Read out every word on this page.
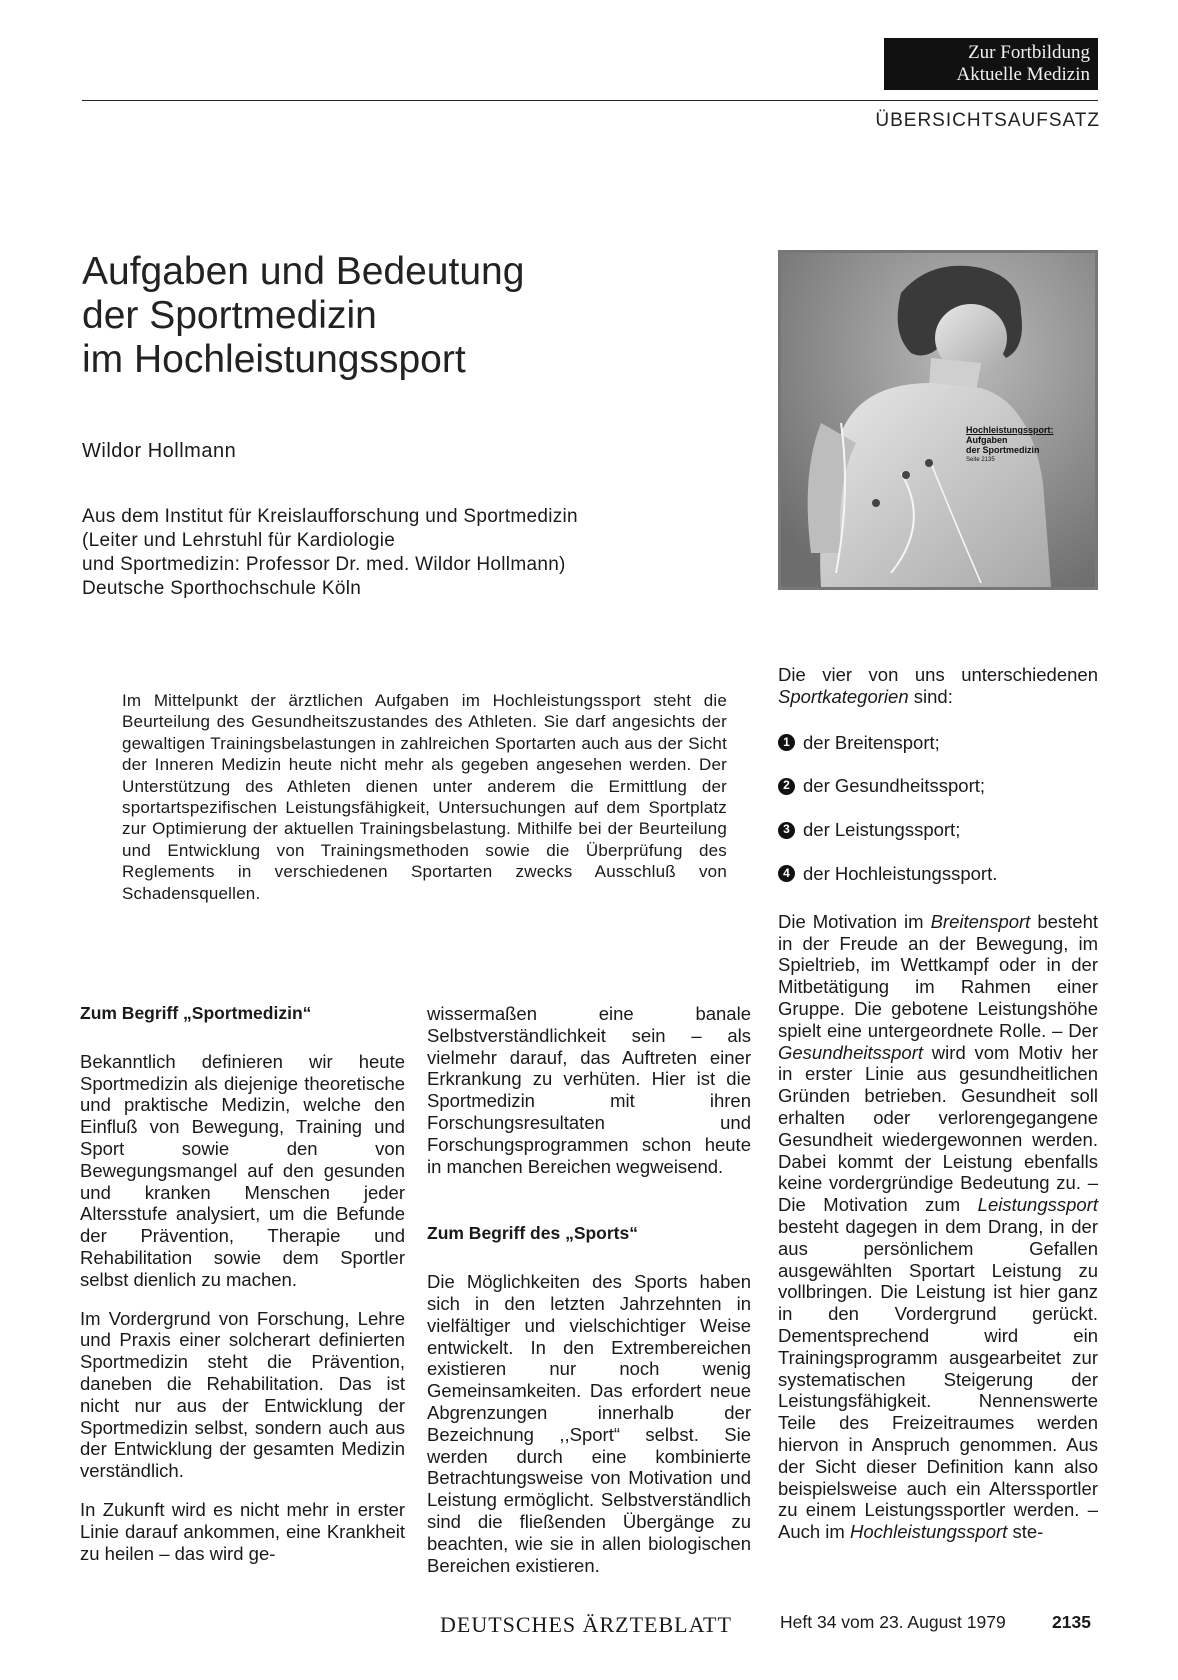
Zur Fortbildung
Aktuelle Medizin
ÜBERSICHTSAUFSATZ
Aufgaben und Bedeutung
der Sportmedizin
im Hochleistungssport
Wildor Hollmann
Aus dem Institut für Kreislaufforschung und Sportmedizin
(Leiter und Lehrstuhl für Kardiologie
und Sportmedizin: Professor Dr. med. Wildor Hollmann)
Deutsche Sporthochschule Köln
Hochleistungssport:
Aufgaben
der Sportmedizin
Seite 2135
Im Mittelpunkt der ärztlichen Aufgaben im Hochleistungssport steht die Beurteilung des Gesundheitszustandes des Athleten. Sie darf angesichts der gewaltigen Trainingsbelastungen in zahlreichen Sportarten auch aus der Sicht der Inneren Medizin heute nicht mehr als gegeben angesehen werden. Der Unterstützung des Athleten dienen unter anderem die Ermittlung der sportartspezifischen Leistungsfähigkeit, Untersuchungen auf dem Sportplatz zur Optimierung der aktuellen Trainingsbelastung. Mithilfe bei der Beurteilung und Entwicklung von Trainingsmethoden sowie die Überprüfung des Reglements in verschiedenen Sportarten zwecks Ausschluß von Schadensquellen.
Zum Begriff „Sportmedizin“

Bekanntlich definieren wir heute Sportmedizin als diejenige theoretische und praktische Medizin, welche den Einfluß von Bewegung, Training und Sport sowie den von Bewegungsmangel auf den gesunden und kranken Menschen jeder Altersstufe analysiert, um die Befunde der Prävention, Therapie und Rehabilitation sowie dem Sportler selbst dienlich zu machen.

Im Vordergrund von Forschung, Lehre und Praxis einer solcherart definierten Sportmedizin steht die Prävention, daneben die Rehabilitation. Das ist nicht nur aus der Entwicklung der Sportmedizin selbst, sondern auch aus der Entwicklung der gesamten Medizin verständlich.

In Zukunft wird es nicht mehr in erster Linie darauf ankommen, eine Krankheit zu heilen – das wird ge-

wissermaßen eine banale Selbstverständlichkeit sein – als vielmehr darauf, das Auftreten einer Erkrankung zu verhüten. Hier ist die Sportmedizin mit ihren Forschungsresultaten und Forschungsprogrammen schon heute in manchen Bereichen wegweisend.

Zum Begriff des „Sports“

Die Möglichkeiten des Sports haben sich in den letzten Jahrzehnten in vielfältiger und vielschichtiger Weise entwickelt. In den Extrembereichen existieren nur noch wenig Gemeinsamkeiten. Das erfordert neue Abgrenzungen innerhalb der Bezeichnung ,,Sport“ selbst. Sie werden durch eine kombinierte Betrachtungsweise von Motivation und Leistung ermöglicht. Selbstverständlich sind die fließenden Übergänge zu beachten, wie sie in allen biologischen Bereichen existieren.

Die vier von uns unterschiedenen Sportkategorien sind:
1 der Breitensport;
2 der Gesundheitssport;
3 der Leistungssport;
4 der Hochleistungssport.

Die Motivation im Breitensport besteht in der Freude an der Bewegung, im Spieltrieb, im Wettkampf oder in der Mitbetätigung im Rahmen einer Gruppe. Die gebotene Leistungshöhe spielt eine untergeordnete Rolle. – Der Gesundheitssport wird vom Motiv her in erster Linie aus gesundheitlichen Gründen betrieben. Gesundheit soll erhalten oder verlorengegangene Gesundheit wiedergewonnen werden. Dabei kommt der Leistung ebenfalls keine vordergründige Bedeutung zu. – Die Motivation zum Leistungssport besteht dagegen in dem Drang, in der aus persönlichem Gefallen ausgewählten Sportart Leistung zu vollbringen. Die Leistung ist hier ganz in den Vordergrund gerückt. Dementsprechend wird ein Trainingsprogramm ausgearbeitet zur systematischen Steigerung der Leistungsfähigkeit. Nennenswerte Teile des Freizeitraumes werden hiervon in Anspruch genommen. Aus der Sicht dieser Definition kann also beispielsweise auch ein Alterssportler zu einem Leistungssportler werden. – Auch im Hochleistungssport ste-

DEUTSCHES ÄRZTEBLATT	Heft 34 vom 23. August 1979	2135
